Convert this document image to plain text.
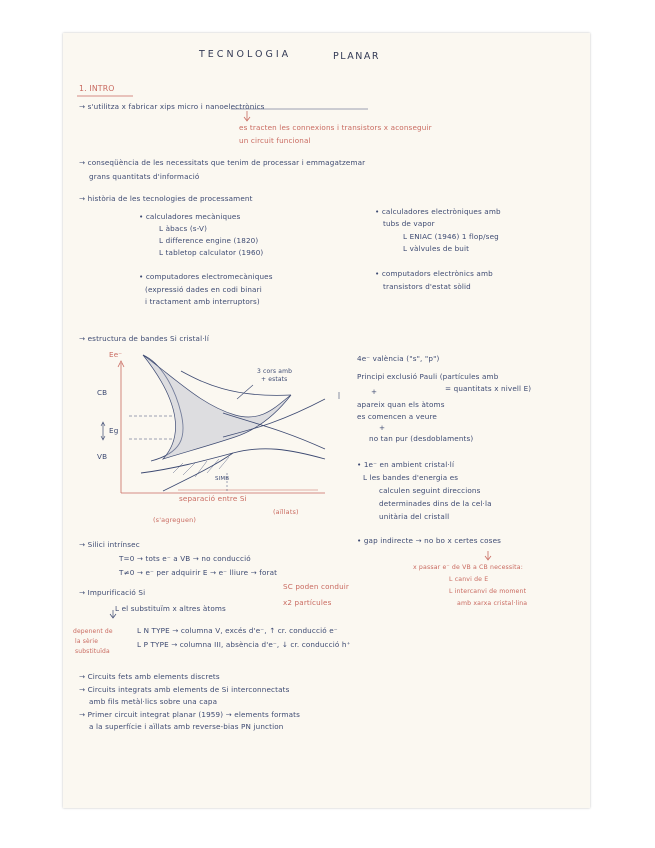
TECNOLOGIA	PLANAR
1. INTRO
→ s'utilitza x fabricar xips micro i nanoelectrònics
es tracten les connexions i transistors x aconseguir
un circuit funcional
→ conseqüència de les necessitats que tenim de processar i emmagatzemar
grans quantitats d'informació
→ història de les tecnologies de processament
• calculadores mecàniques
L àbacs (s-V)
L difference engine (1820)
L tabletop calculator (1960)
• calculadores electròniques amb
tubs de vapor
L ENIAC (1946) 1 flop/seg
L vàlvules de buit
• computadores electromecàniques
(expressió dades en codi binari
i tractament amb interruptors)
• computadors electrònics amb
transistors d'estat sòlid
→ estructura de bandes Si cristal·lí
Ee⁻
CB
Eg
VB
3 cors amb
+ estats
SIMB
separació entre Si
(s'agreguen)
(aïllats)
4e⁻ valència ("s", "p")
Principi exclusió Pauli (partícules amb
= quantitats x nivell E)
+
apareix quan els àtoms
es comencen a veure
+
no tan pur (desdoblaments)
• 1e⁻ en ambient cristal·lí
L les bandes d'energia es
calculen seguint direccions
determinades dins de la cel·la
unitària del cristall
→ Silici intrínsec
T=0 → tots e⁻ a VB → no conducció
T≠0 → e⁻ per adquirir E → e⁻ lliure → forat
SC poden conduir
• gap indirecte → no bo x certes coses
x passar e⁻ de VB a CB necessita:
L canvi de E
L intercanvi de moment
amb xarxa cristal·lina
→ Impurificació Si
x2 partícules
L el substituïm x altres àtoms
depenent de
la sèrie
substituïda
L N TYPE → columna V, excés d'e⁻, ↑ cr. conducció e⁻
L P TYPE → columna III, absència d'e⁻, ↓ cr. conducció h⁺
→ Circuits fets amb elements discrets
→ Circuits integrats amb elements de Si interconnectats
amb fils metàl·lics sobre una capa
→ Primer circuit integrat planar (1959) → elements formats
a la superfície i aïllats amb reverse-bias PN junction
